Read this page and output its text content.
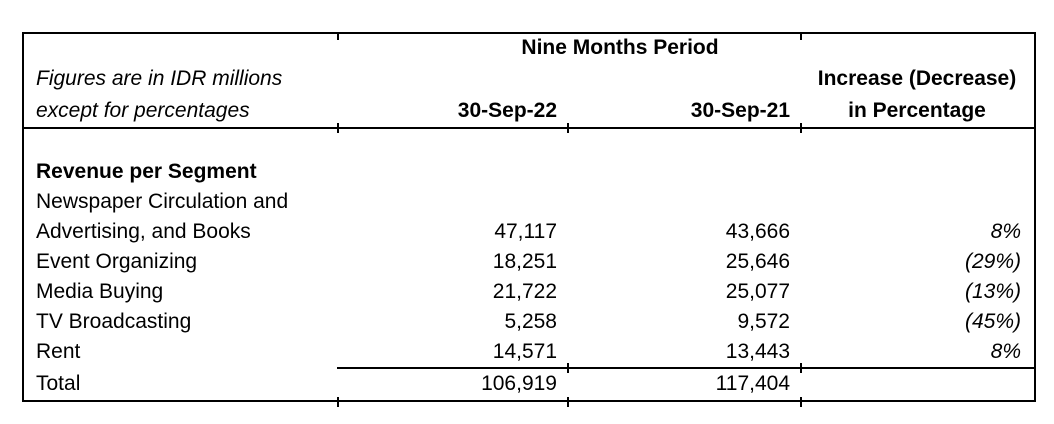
Nine Months Period
Figures are in IDR millions	Increase (Decrease)
except for percentages	30-Sep-22	30-Sep-21	in Percentage
Revenue per Segment
Newspaper Circulation and
Advertising, and Books	47,117	43,666	8%
Event Organizing	18,251	25,646	(29%)
Media Buying	21,722	25,077	(13%)
TV Broadcasting	5,258	9,572	(45%)
Rent	14,571	13,443	8%
Total	106,919	117,404
